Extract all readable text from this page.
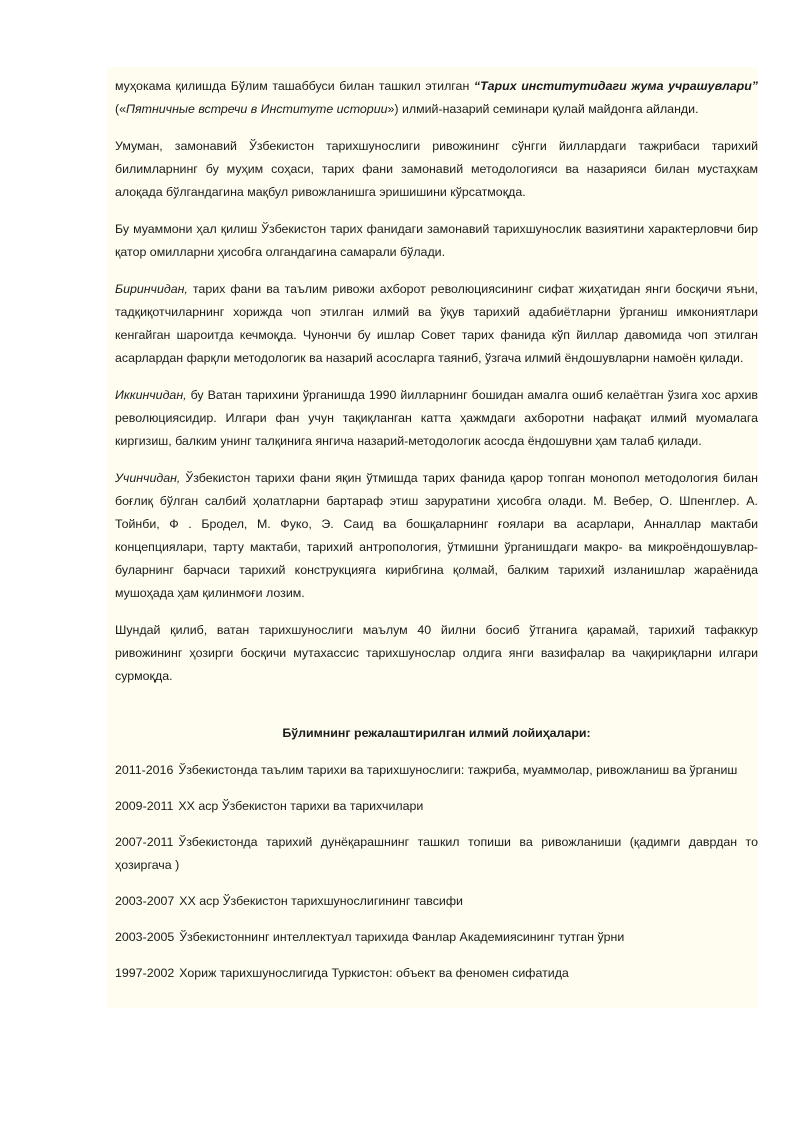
муҳокама қилишда Бўлим ташаббуси билан ташкил этилган “Тарих институтидаги жума учрашувлари” («Пятничные встречи в Институте истории») илмий-назарий семинари қулай майдонга айланди.

Умуман, замонавий Ўзбекистон тарихшунослиги ривожининг сўнгги йиллардаги тажрибаси тарихий билимларнинг бу муҳим соҳаси, тарих фани замонавий методологияси ва назарияси билан мустаҳкам алоқада бўлгандагина мақбул ривожланишга эришишини кўрсатмоқда.

Бу муаммони ҳал қилиш Ўзбекистон тарих фанидаги замонавий тарихшунослик вазиятини характерловчи бир қатор омилларни ҳисобга олгандагина самарали бўлади.

Биринчидан, тарих фани ва таълим ривожи ахборот революциясининг сифат жиҳатидан янги босқичи яъни, тадқиқотчиларнинг хорижда чоп этилган илмий ва ўқув тарихий адабиётларни ўрганиш имкониятлари кенгайган шароитда кечмоқда. Чунончи бу ишлар Совет тарих фанида кўп йиллар давомида чоп этилган асарлардан фарқли методологик ва назарий асосларга таяниб, ўзгача илмий ёндошувларни намоён қилади.

Иккинчидан, бу Ватан тарихини ўрганишда 1990 йилларнинг бошидан амалга ошиб келаётган ўзига хос архив революциясидир. Илгари фан учун тақиқланган катта ҳажмдаги ахборотни нафақат илмий муомалага киргизиш, балким унинг талқинига янгича назарий-методологик асосда ёндошувни ҳам талаб қилади.

Учинчидан, Ўзбекистон тарихи фани яқин ўтмишда тарих фанида қарор топган монопол методология билан боғлиқ бўлган салбий ҳолатларни бартараф этиш заруратини ҳисобга олади. М. Вебер, О. Шпенглер. А. Тойнби, Ф . Бродел, М. Фуко, Э. Саид ва бошқаларнинг ғоялари ва асарлари, Анналлар мактаби концепциялари, тарту мактаби, тарихий антропология, ўтмишни ўрганишдаги макро- ва микроёндошувлар- буларнинг барчаси тарихий конструкцияга кирибгина қолмай, балким тарихий изланишлар жараёнида мушоҳада ҳам қилинмоғи лозим.

Шундай қилиб, ватан тарихшунослиги маълум 40 йилни босиб ўтганига қарамай, тарихий тафаккур ривожининг ҳозирги босқичи мутахассис тарихшунослар олдига янги вазифалар ва чақириқларни илгари сурмоқда.

Бўлимнинг режалаштирилган илмий лойиҳалари:

2011-2016 Ўзбекистонда таълим тарихи ва тарихшунослиги: тажриба, муаммолар, ривожланиш ва ўрганиш

2009-2011 ХХ аср Ўзбекистон тарихи ва тарихчилари

2007-2011 Ўзбекистонда тарихий дунёқарашнинг ташкил топиши ва ривожланиши (қадимги даврдан то ҳозиргача )

2003-2007 ХХ аср Ўзбекистон тарихшунослигининг тавсифи

2003-2005 Ўзбекистоннинг интеллектуал тарихида Фанлар Академиясининг тутган ўрни

1997-2002 Хориж тарихшунослигида Туркистон: объект ва феномен сифатида
